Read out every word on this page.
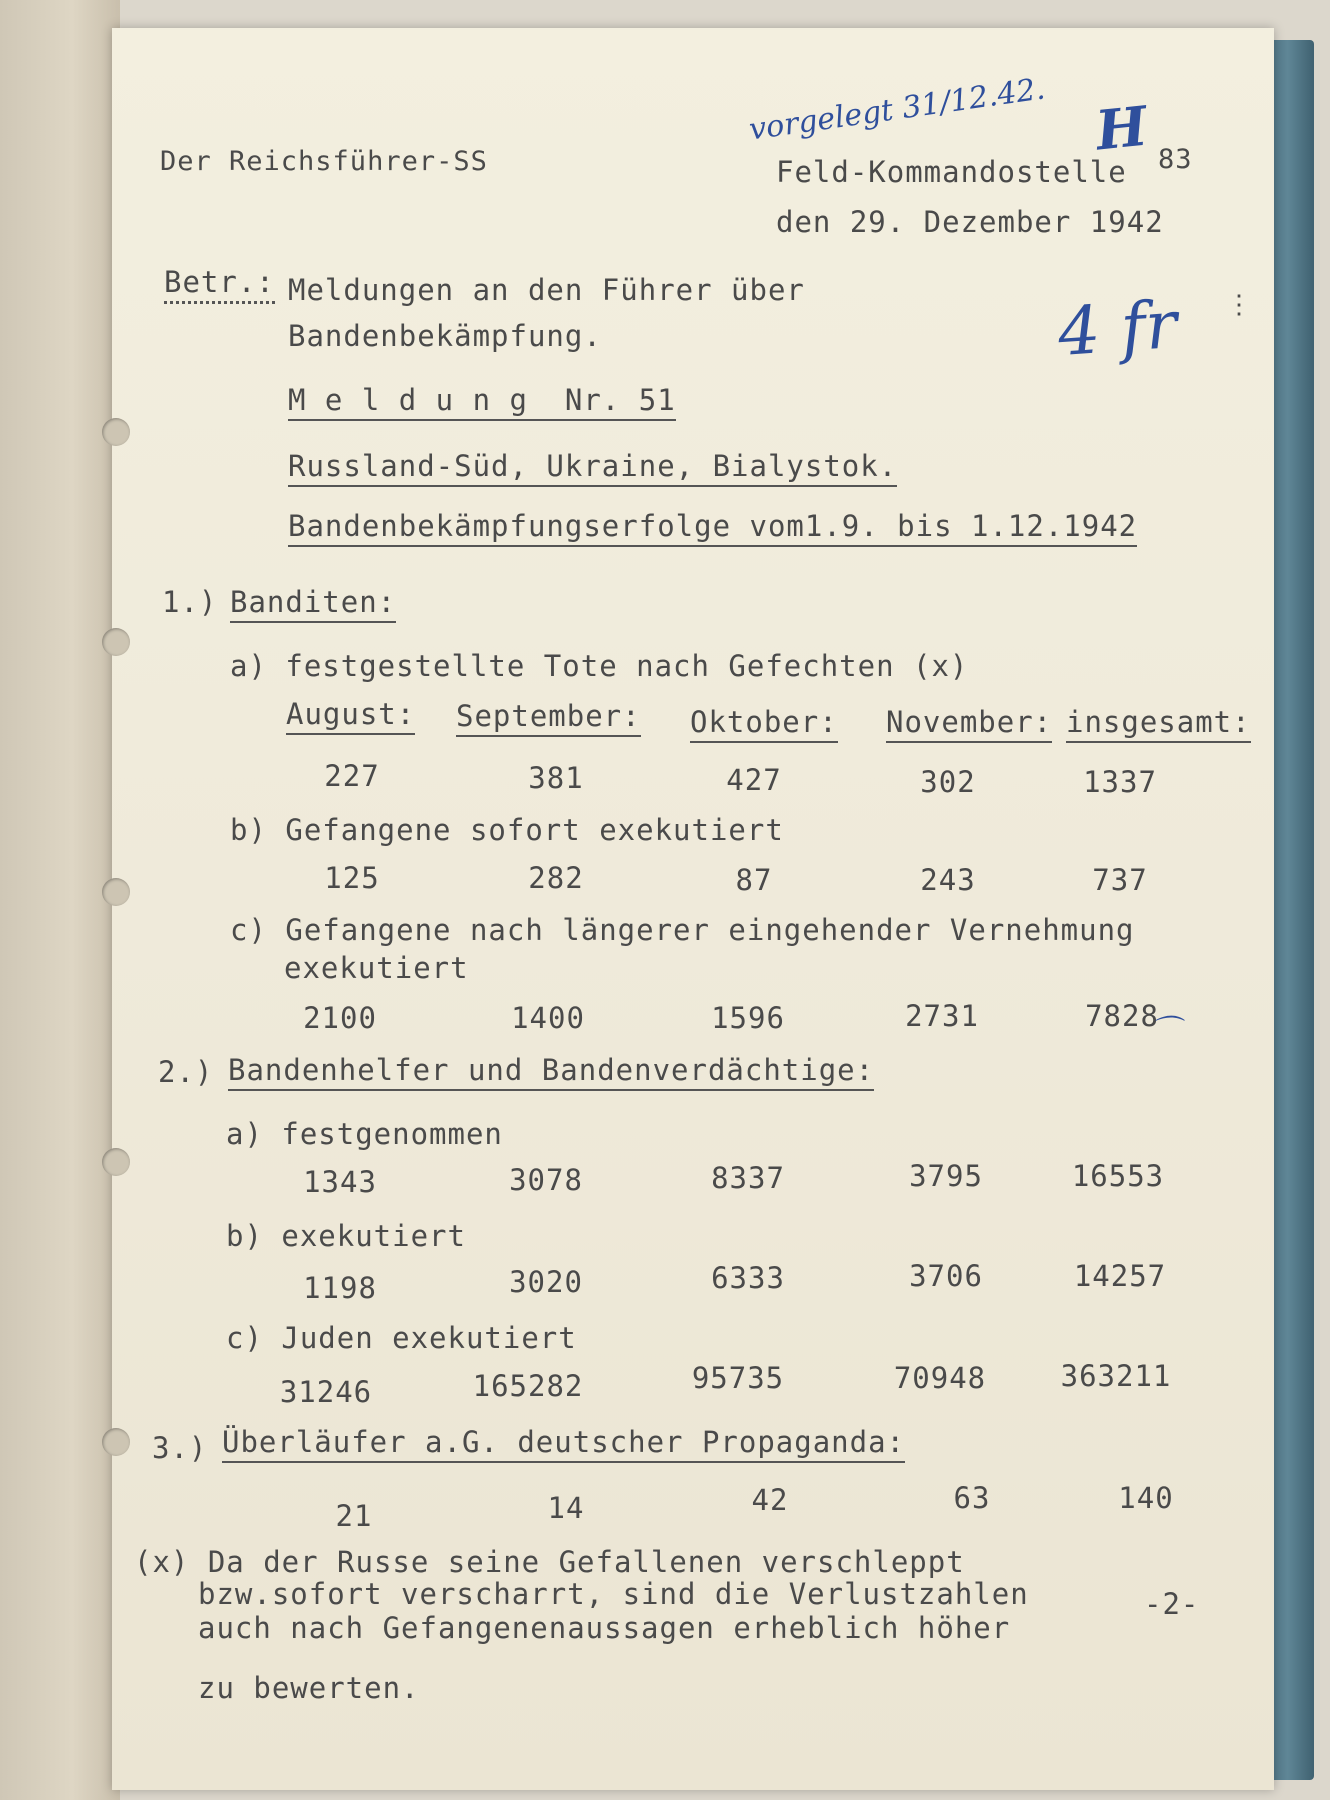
Der Reichsführer-SS	Feld-Kommandostelle
den 29. Dezember 1942
83
vorgelegt 31/12.42. H
4 fr ⋮
Betr.: Meldungen an den Führer über
Bandenbekämpfung.
M e l d u n g  Nr. 51
Russland-Süd, Ukraine, Bialystok.
Bandenbekämpfungserfolge vom1.9. bis 1.12.1942
1.)
Banditen:
a) festgestellte Tote nach Gefechten (x)
August: September: Oktober: November: insgesamt:
227	381	427	302	1337
b) Gefangene sofort exekutiert
125	282	87	243	737
c) Gefangene nach längerer eingehender Vernehmung
exekutiert
2100	1400	1596	2731	7828
⌒
2.)
Bandenhelfer und Bandenverdächtige:
a) festgenommen
1343	3078	8337	3795	16553
b) exekutiert
1198	3020	6333	3706	14257
c) Juden exekutiert
31246	165282	95735	70948	363211
3.)
Überläufer a.G. deutscher Propaganda:
21	14	42	63	140
(x) Da der Russe seine Gefallenen verschleppt
bzw.sofort verscharrt, sind die Verlustzahlen
auch nach Gefangenenaussagen erheblich höher
zu bewerten.
-2-
